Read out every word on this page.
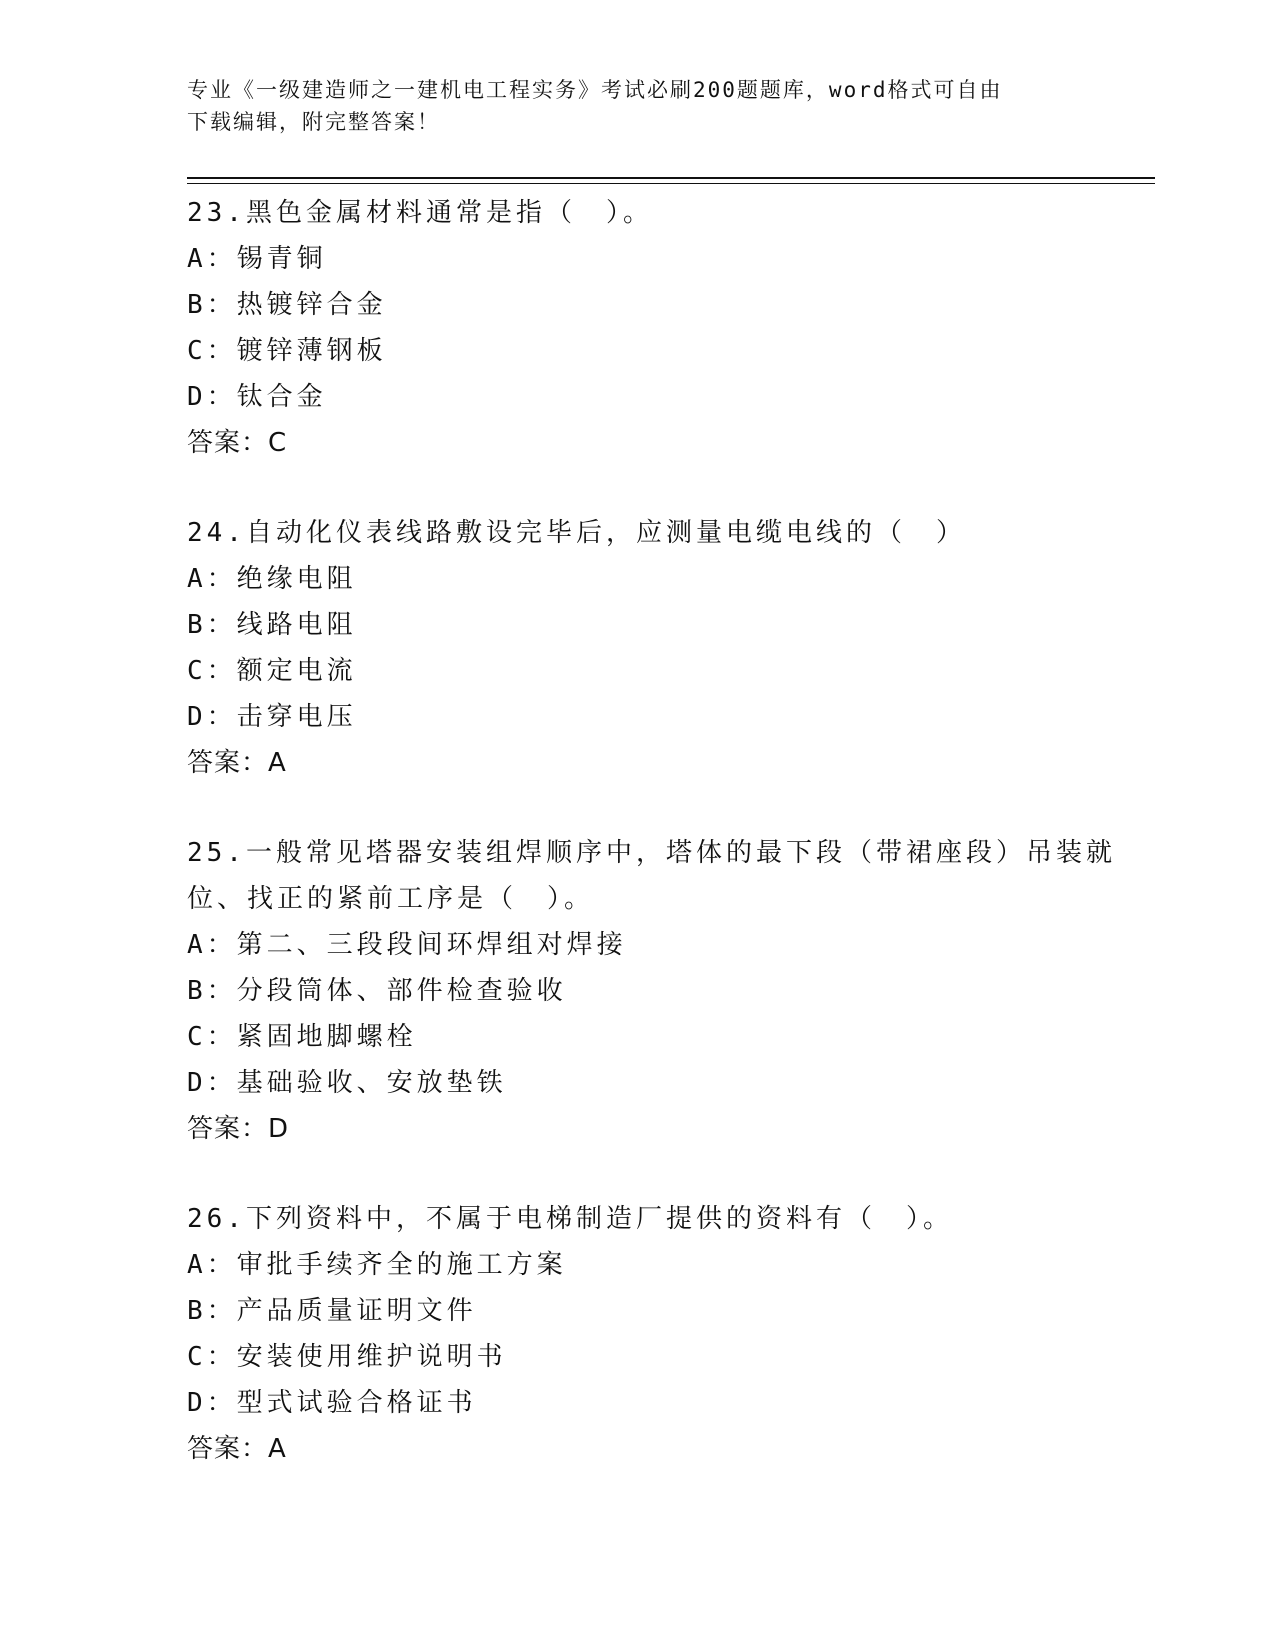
专业《一级建造师之一建机电工程实务》考试必刷200题题库，word格式可自由
下载编辑，附完整答案！
23.黑色金属材料通常是指（　）。
A：锡青铜
B：热镀锌合金
C：镀锌薄钢板
D：钛合金
答案：C
24.自动化仪表线路敷设完毕后，应测量电缆电线的（　）
A：绝缘电阻
B：线路电阻
C：额定电流
D：击穿电压
答案：A
25.一般常见塔器安装组焊顺序中，塔体的最下段（带裙座段）吊装就
位、找正的紧前工序是（　）。
A：第二、三段段间环焊组对焊接
B：分段筒体、部件检查验收
C：紧固地脚螺栓
D：基础验收、安放垫铁
答案：D
26.下列资料中，不属于电梯制造厂提供的资料有（　）。
A：审批手续齐全的施工方案
B：产品质量证明文件
C：安装使用维护说明书
D：型式试验合格证书
答案：A
